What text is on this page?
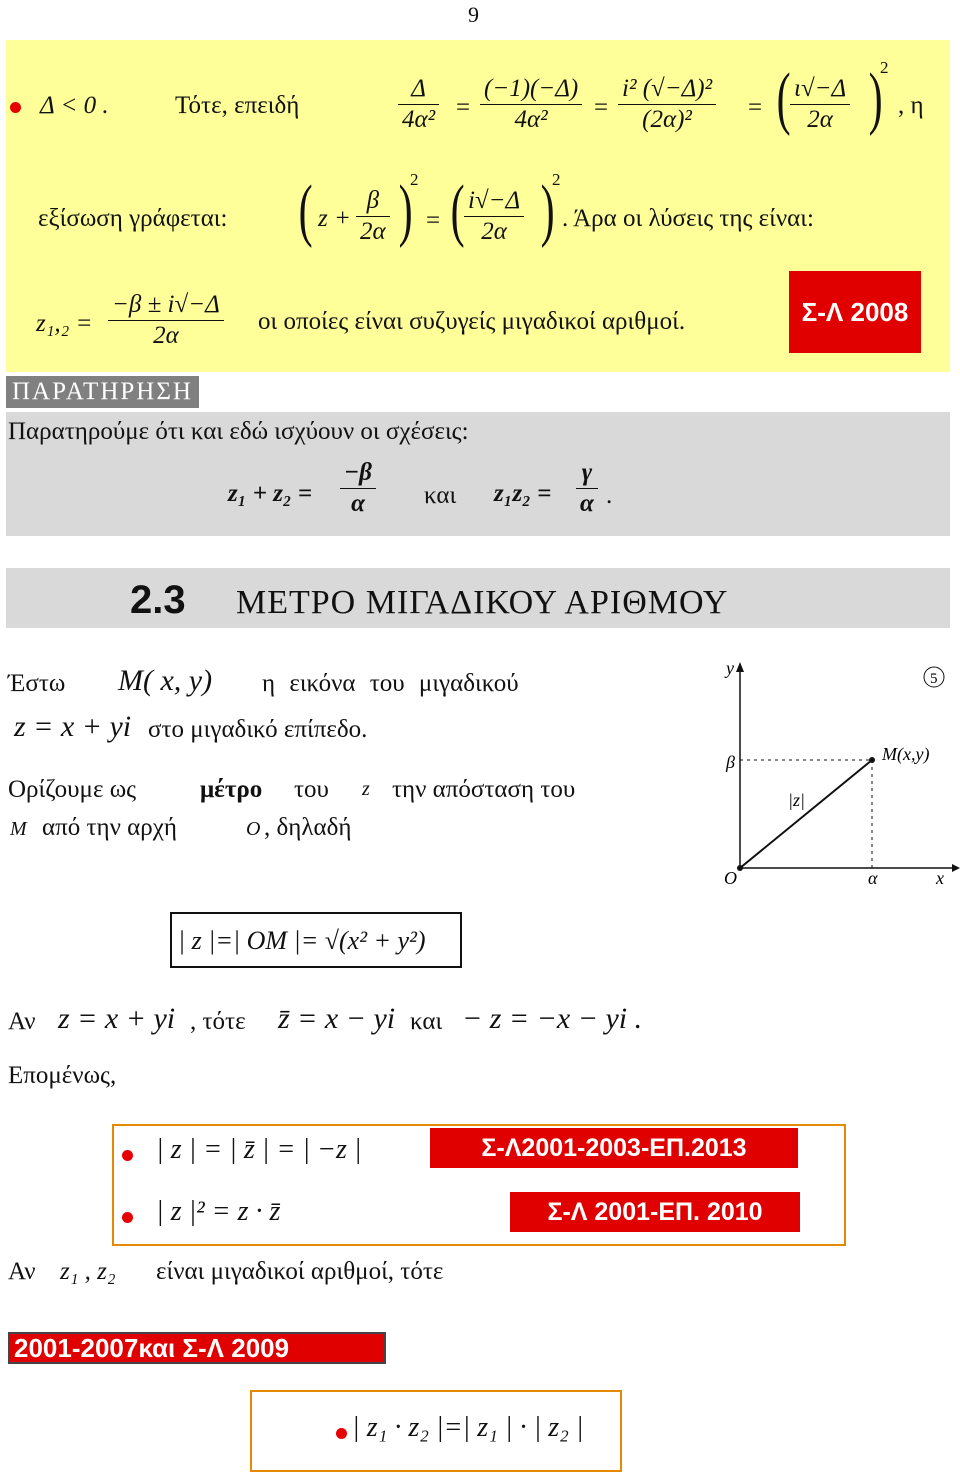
9
Δ < 0 .	Τότε, επειδή
Δ
4α² =
(−1)(−Δ)
4α² =
i² (√−Δ)²
(2α)² = ( ι√−Δ
2α )
2
, η
εξίσωση γράφεται: ( z +
β
2α )
2
= ( i√−Δ
2α )
2
. Άρα οι λύσεις της είναι:
z₁,₂ =
−β ± i√−Δ
2α
οι οποίες είναι συζυγείς μιγαδικοί αριθμοί.	Σ-Λ 2008
ΠΑΡΑΤΗΡΗΣΗ
Παρατηρούμε ότι και εδώ ισχύουν οι σχέσεις:
z₁ + z₂ =
−β
α και z₁z₂ =
γ
α .
2.3 ΜΕΤΡΟ ΜΙΓΑΔΙΚΟΥ ΑΡΙΘΜΟΥ
Έστω M( x, y) η εικόνα του μιγαδικού
z = x + yi στο μιγαδικό επίπεδο.
Ορίζουμε ως	μέτρο του z την απόσταση του
M από την αρχή	O , δηλαδή
5
y
x
O
β
α
|z|
M(x,y)
| z |=| OM |= √(x² + y²)
Αν z = x + yi , τότε z̄ = x − yi και − z = −x − yi .
Επομένως,
| z | = | z̄ | = | −z |	Σ-Λ2001-2003-ΕΠ.2013
| z |² = z · z̄	Σ-Λ 2001-ΕΠ. 2010
Αν z₁ , z₂ είναι μιγαδικοί αριθμοί, τότε
2001-2007και Σ-Λ 2009
| z₁ · z₂ |=| z₁ | · | z₂ |
